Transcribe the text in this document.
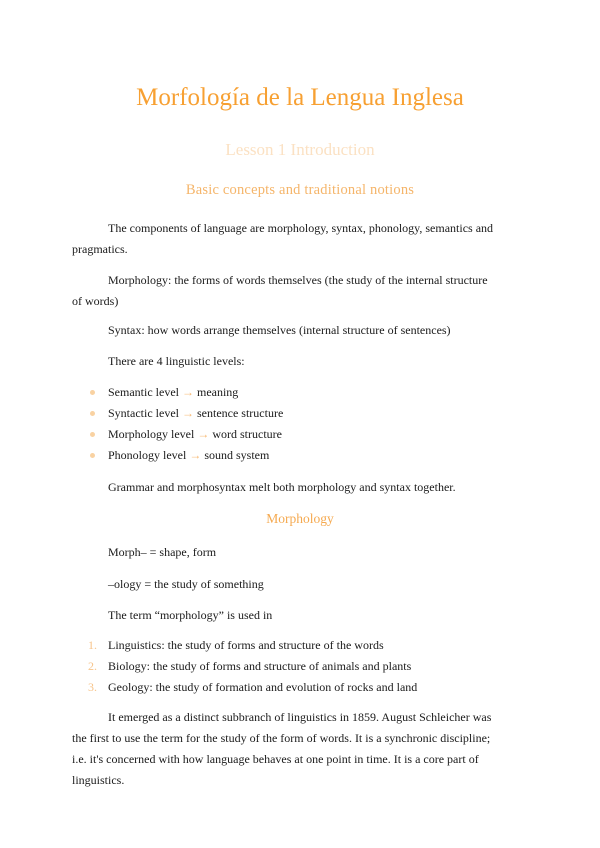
Morfología de la Lengua Inglesa
Lesson 1 Introduction
Basic concepts and traditional notions

The components of language are morphology, syntax, phonology, semantics and pragmatics.

Morphology: the forms of words themselves (the study of the internal structure of words)

Syntax: how words arrange themselves (internal structure of sentences)

There are 4 linguistic levels:

Semantic level → meaning
Syntactic level → sentence structure
Morphology level → word structure
Phonology level → sound system

Grammar and morphosyntax melt both morphology and syntax together.

Morphology

Morph– = shape, form

–ology = the study of something

The term “morphology” is used in

1. Linguistics: the study of forms and structure of the words
2. Biology: the study of forms and structure of animals and plants
3. Geology: the study of formation and evolution of rocks and land

It emerged as a distinct subbranch of linguistics in 1859. August Schleicher was the first to use the term for the study of the form of words. It is a synchronic discipline; i.e. it's concerned with how language behaves at one point in time. It is a core part of linguistics.
